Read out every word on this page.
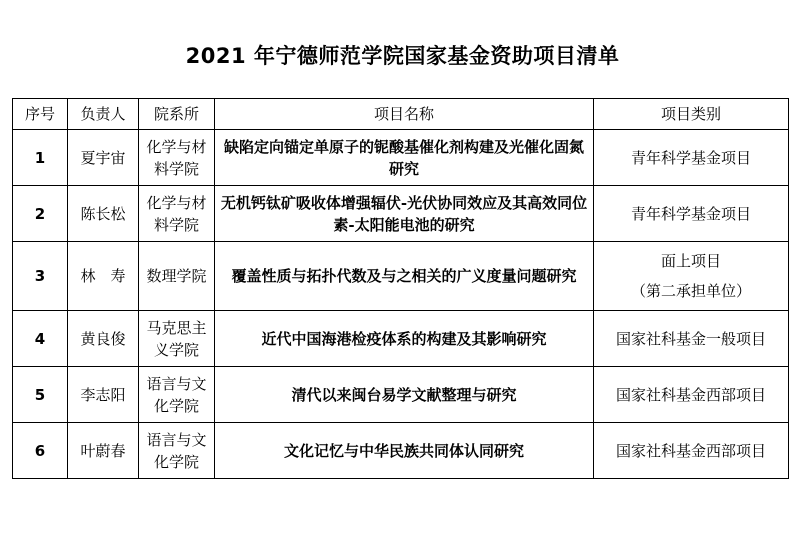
2021 年宁德师范学院国家基金资助项目清单
序号	负责人	院系所	项目名称	项目类别
1	夏宇宙	化学与材料学院	缺陷定向锚定单原子的铌酸基催化剂构建及光催化固氮研究	青年科学基金项目

2	陈长松	化学与材料学院	无机钙钛矿吸收体增强辐伏-光伏协同效应及其高效同位素-太阳能电池的研究	青年科学基金项目

3	林　寿	数理学院	覆盖性质与拓扑代数及与之相关的广义度量问题研究	面上项目
（第二承担单位）

4	黄良俊	马克思主义学院	近代中国海港检疫体系的构建及其影响研究	国家社科基金一般项目

5	李志阳	语言与文化学院	清代以来闽台易学文献整理与研究	国家社科基金西部项目

6	叶蔚春	语言与文化学院	文化记忆与中华民族共同体认同研究	国家社科基金西部项目
